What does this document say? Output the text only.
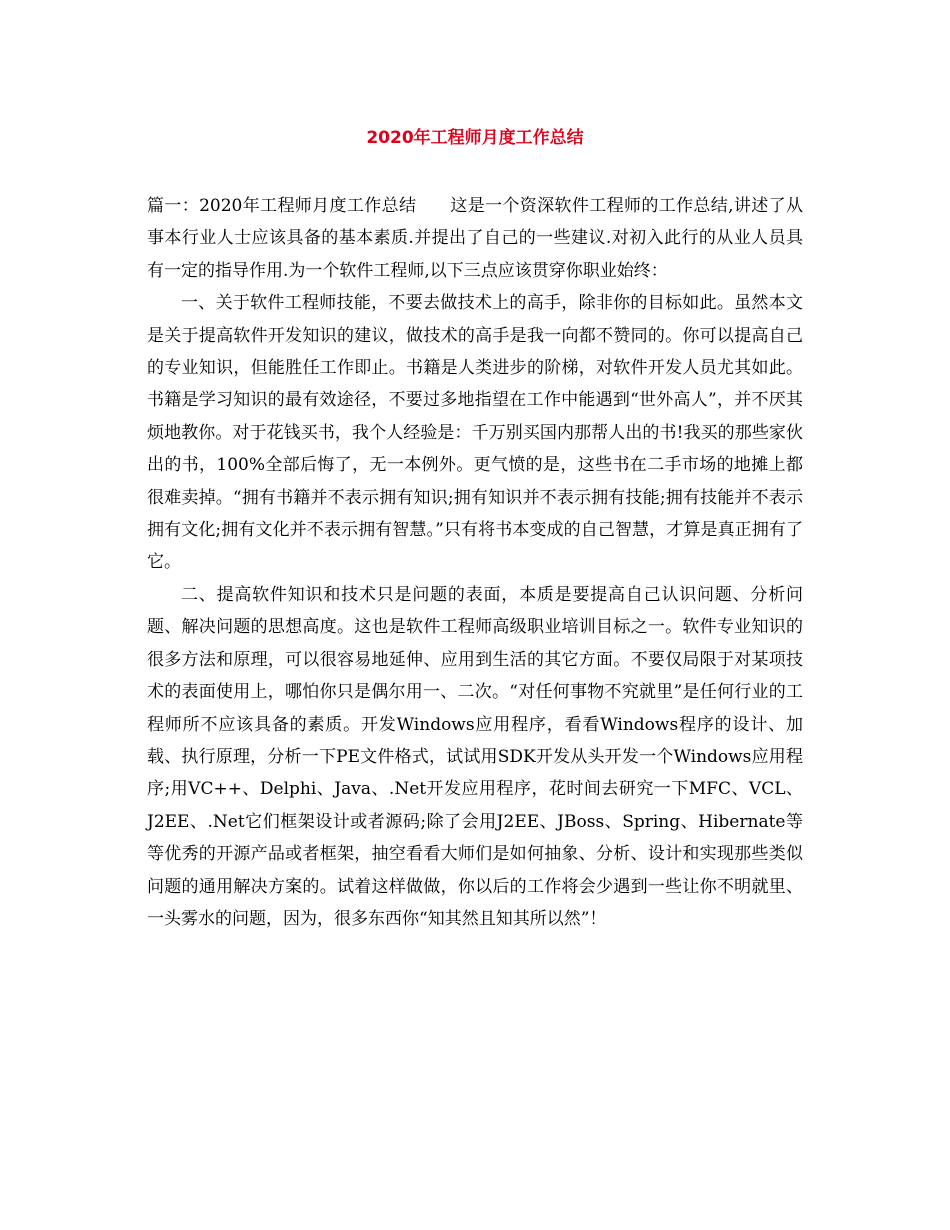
2020年工程师月度工作总结

篇一：2020年工程师月度工作总结 这是一个资深软件工程师的工作总结,讲述了从事本行业人士应该具备的基本素质.并提出了自己的一些建议.对初入此行的从业人员具有一定的指导作用.为一个软件工程师,以下三点应该贯穿你职业始终：

一、关于软件工程师技能，不要去做技术上的高手，除非你的目标如此。虽然本文是关于提高软件开发知识的建议，做技术的高手是我一向都不赞同的。你可以提高自己的专业知识，但能胜任工作即止。书籍是人类进步的阶梯，对软件开发人员尤其如此。书籍是学习知识的最有效途径，不要过多地指望在工作中能遇到“世外高人”，并不厌其烦地教你。对于花钱买书，我个人经验是：千万别买国内那帮人出的书!我买的那些家伙出的书，100%全部后悔了，无一本例外。更气愤的是，这些书在二手市场的地摊上都很难卖掉。“拥有书籍并不表示拥有知识;拥有知识并不表示拥有技能;拥有技能并不表示拥有文化;拥有文化并不表示拥有智慧。”只有将书本变成的自己智慧，才算是真正拥有了它。

二、提高软件知识和技术只是问题的表面，本质是要提高自己认识问题、分析问题、解决问题的思想高度。这也是软件工程师高级职业培训目标之一。软件专业知识的很多方法和原理，可以很容易地延伸、应用到生活的其它方面。不要仅局限于对某项技术的表面使用上，哪怕你只是偶尔用一、二次。“对任何事物不究就里”是任何行业的工程师所不应该具备的素质。开发Windows应用程序，看看Windows程序的设计、加载、执行原理，分析一下PE文件格式，试试用SDK开发从头开发一个Windows应用程序;用VC++、Delphi、Java、.Net开发应用程序，花时间去研究一下MFC、VCL、J2EE、.Net它们框架设计或者源码;除了会用J2EE、JBoss、Spring、Hibernate等等优秀的开源产品或者框架，抽空看看大师们是如何抽象、分析、设计和实现那些类似问题的通用解决方案的。试着这样做做，你以后的工作将会少遇到一些让你不明就里、一头雾水的问题，因为，很多东西你“知其然且知其所以然”！
